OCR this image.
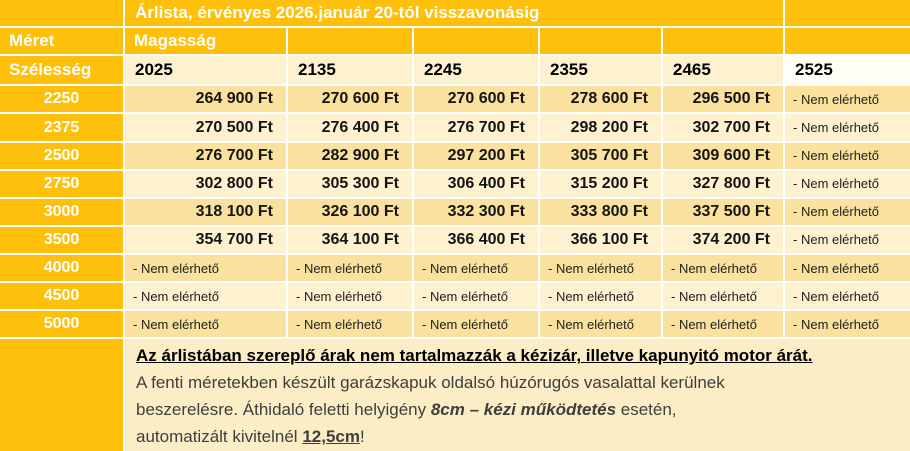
	Árlista, érvényes 2026.január 20-tól visszavonásig					
Méret	Magasság					
Szélesség	2025	2135	2245	2355	2465	2525
2250	264 900 Ft	270 600 Ft	270 600 Ft	278 600 Ft	296 500 Ft	- Nem elérhető
2375	270 500 Ft	276 400 Ft	276 700 Ft	298 200 Ft	302 700 Ft	- Nem elérhető
2500	276 700 Ft	282 900 Ft	297 200 Ft	305 700 Ft	309 600 Ft	- Nem elérhető
2750	302 800 Ft	305 300 Ft	306 400 Ft	315 200 Ft	327 800 Ft	- Nem elérhető
3000	318 100 Ft	326 100 Ft	332 300 Ft	333 800 Ft	337 500 Ft	- Nem elérhető
3500	354 700 Ft	364 100 Ft	366 400 Ft	366 100 Ft	374 200 Ft	- Nem elérhető
4000	- Nem elérhető	- Nem elérhető	- Nem elérhető	- Nem elérhető	- Nem elérhető	- Nem elérhető
4500	- Nem elérhető	- Nem elérhető	- Nem elérhető	- Nem elérhető	- Nem elérhető	- Nem elérhető
5000	- Nem elérhető	- Nem elérhető	- Nem elérhető	- Nem elérhető	- Nem elérhető	- Nem elérhető

	Az árlistában szereplő árak nem tartalmazzák a kézizár, illetve kapunyitó motor árát.
A fenti méretekben készült garázskapuk oldalsó húzórugós vasalattal kerülnek
beszerelésre. Áthidaló feletti helyigény 8cm – kézi működtetés esetén,
automatizált kivitelnél 12,5cm!					
